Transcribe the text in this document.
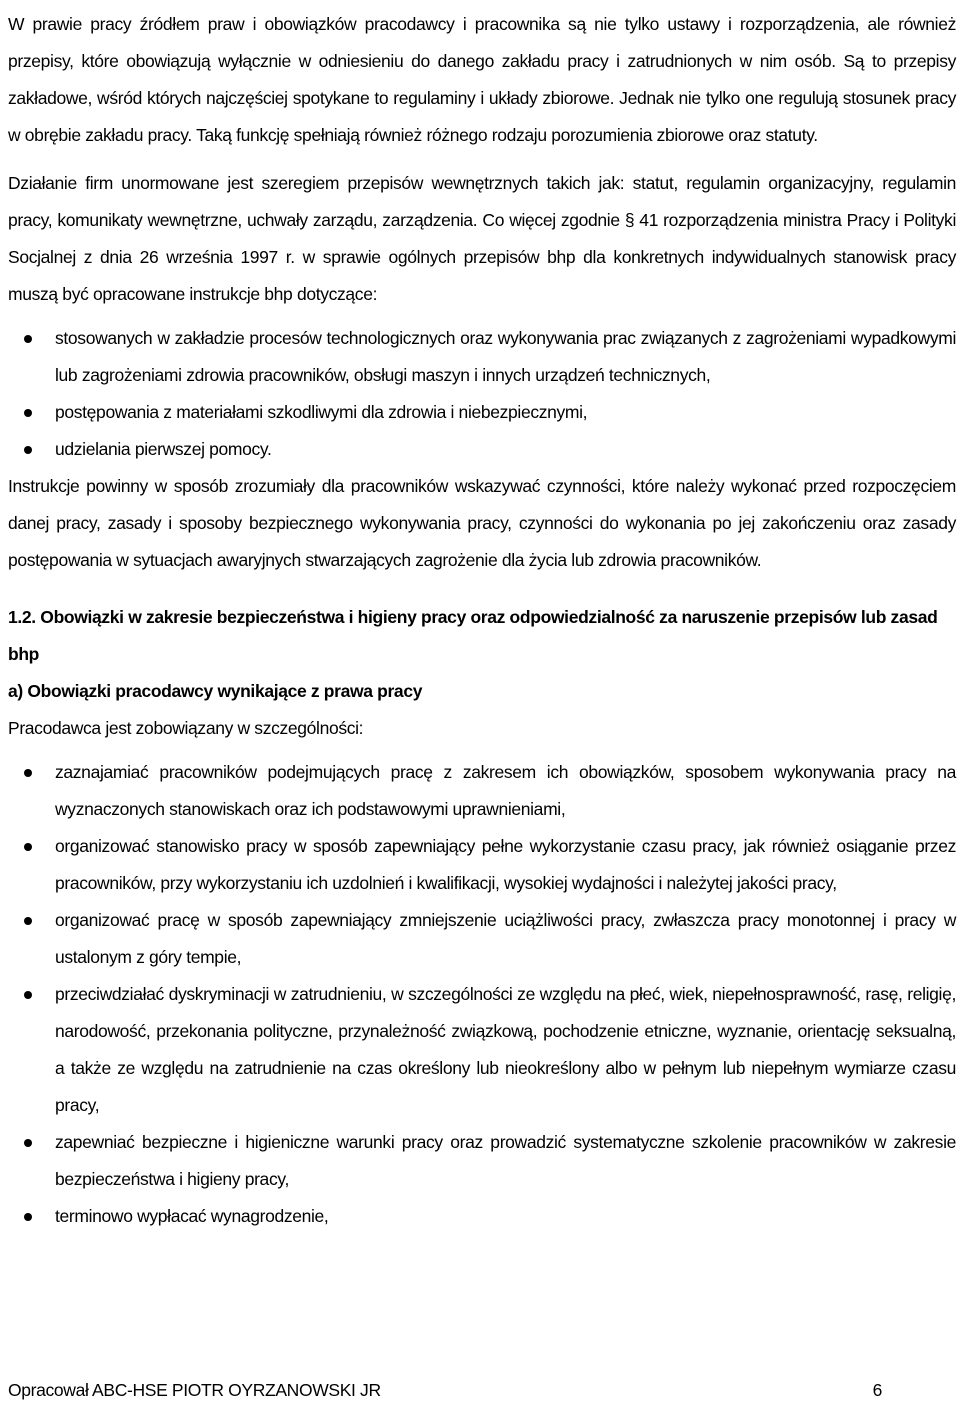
W prawie pracy źródłem praw i obowiązków pracodawcy i pracownika są nie tylko ustawy i rozporządzenia, ale również przepisy, które obowiązują wyłącznie w odniesieniu do danego zakładu pracy i zatrudnionych w nim osób. Są to przepisy zakładowe, wśród których najczęściej spotykane to regulaminy i układy zbiorowe. Jednak nie tylko one regulują stosunek pracy w obrębie zakładu pracy. Taką funkcję spełniają również różnego rodzaju porozumienia zbiorowe oraz statuty.

Działanie firm unormowane jest szeregiem przepisów wewnętrznych takich jak: statut, regulamin organizacyjny, regulamin pracy, komunikaty wewnętrzne, uchwały zarządu, zarządzenia. Co więcej zgodnie § 41 rozporządzenia ministra Pracy i Polityki Socjalnej z dnia 26 września 1997 r. w sprawie ogólnych przepisów bhp dla konkretnych indywidualnych stanowisk pracy muszą być opracowane instrukcje bhp dotyczące:

stosowanych w zakładzie procesów technologicznych oraz wykonywania prac związanych z zagrożeniami wypadkowymi lub zagrożeniami zdrowia pracowników, obsługi maszyn i innych urządzeń technicznych,
postępowania z materiałami szkodliwymi dla zdrowia i niebezpiecznymi,
udzielania pierwszej pomocy.

Instrukcje powinny w sposób zrozumiały dla pracowników wskazywać czynności, które należy wykonać przed rozpoczęciem danej pracy, zasady i sposoby bezpiecznego wykonywania pracy, czynności do wykonania po jej zakończeniu oraz zasady postępowania w sytuacjach awaryjnych stwarzających zagrożenie dla życia lub zdrowia pracowników.

1.2. Obowiązki w zakresie bezpieczeństwa i higieny pracy oraz odpowiedzialność za naruszenie przepisów lub zasad bhp

a) Obowiązki pracodawcy wynikające z prawa pracy

Pracodawca jest zobowiązany w szczególności:

zaznajamiać pracowników podejmujących pracę z zakresem ich obowiązków, sposobem wykonywania pracy na wyznaczonych stanowiskach oraz ich podstawowymi uprawnieniami,
organizować stanowisko pracy w sposób zapewniający pełne wykorzystanie czasu pracy, jak również osiąganie przez pracowników, przy wykorzystaniu ich uzdolnień i kwalifikacji, wysokiej wydajności i należytej jakości pracy,
organizować pracę w sposób zapewniający zmniejszenie uciążliwości pracy, zwłaszcza pracy monotonnej i pracy w ustalonym z góry tempie,
przeciwdziałać dyskryminacji w zatrudnieniu, w szczególności ze względu na płeć, wiek, niepełnosprawność, rasę, religię, narodowość, przekonania polityczne, przynależność związkową, pochodzenie etniczne, wyznanie, orientację seksualną, a także ze względu na zatrudnienie na czas określony lub nieokreślony albo w pełnym lub niepełnym wymiarze czasu pracy,
zapewniać bezpieczne i higieniczne warunki pracy oraz prowadzić systematyczne szkolenie pracowników w zakresie bezpieczeństwa i higieny pracy,
terminowo wypłacać wynagrodzenie,
Opracował ABC-HSE PIOTR OYRZANOWSKI JR	6
